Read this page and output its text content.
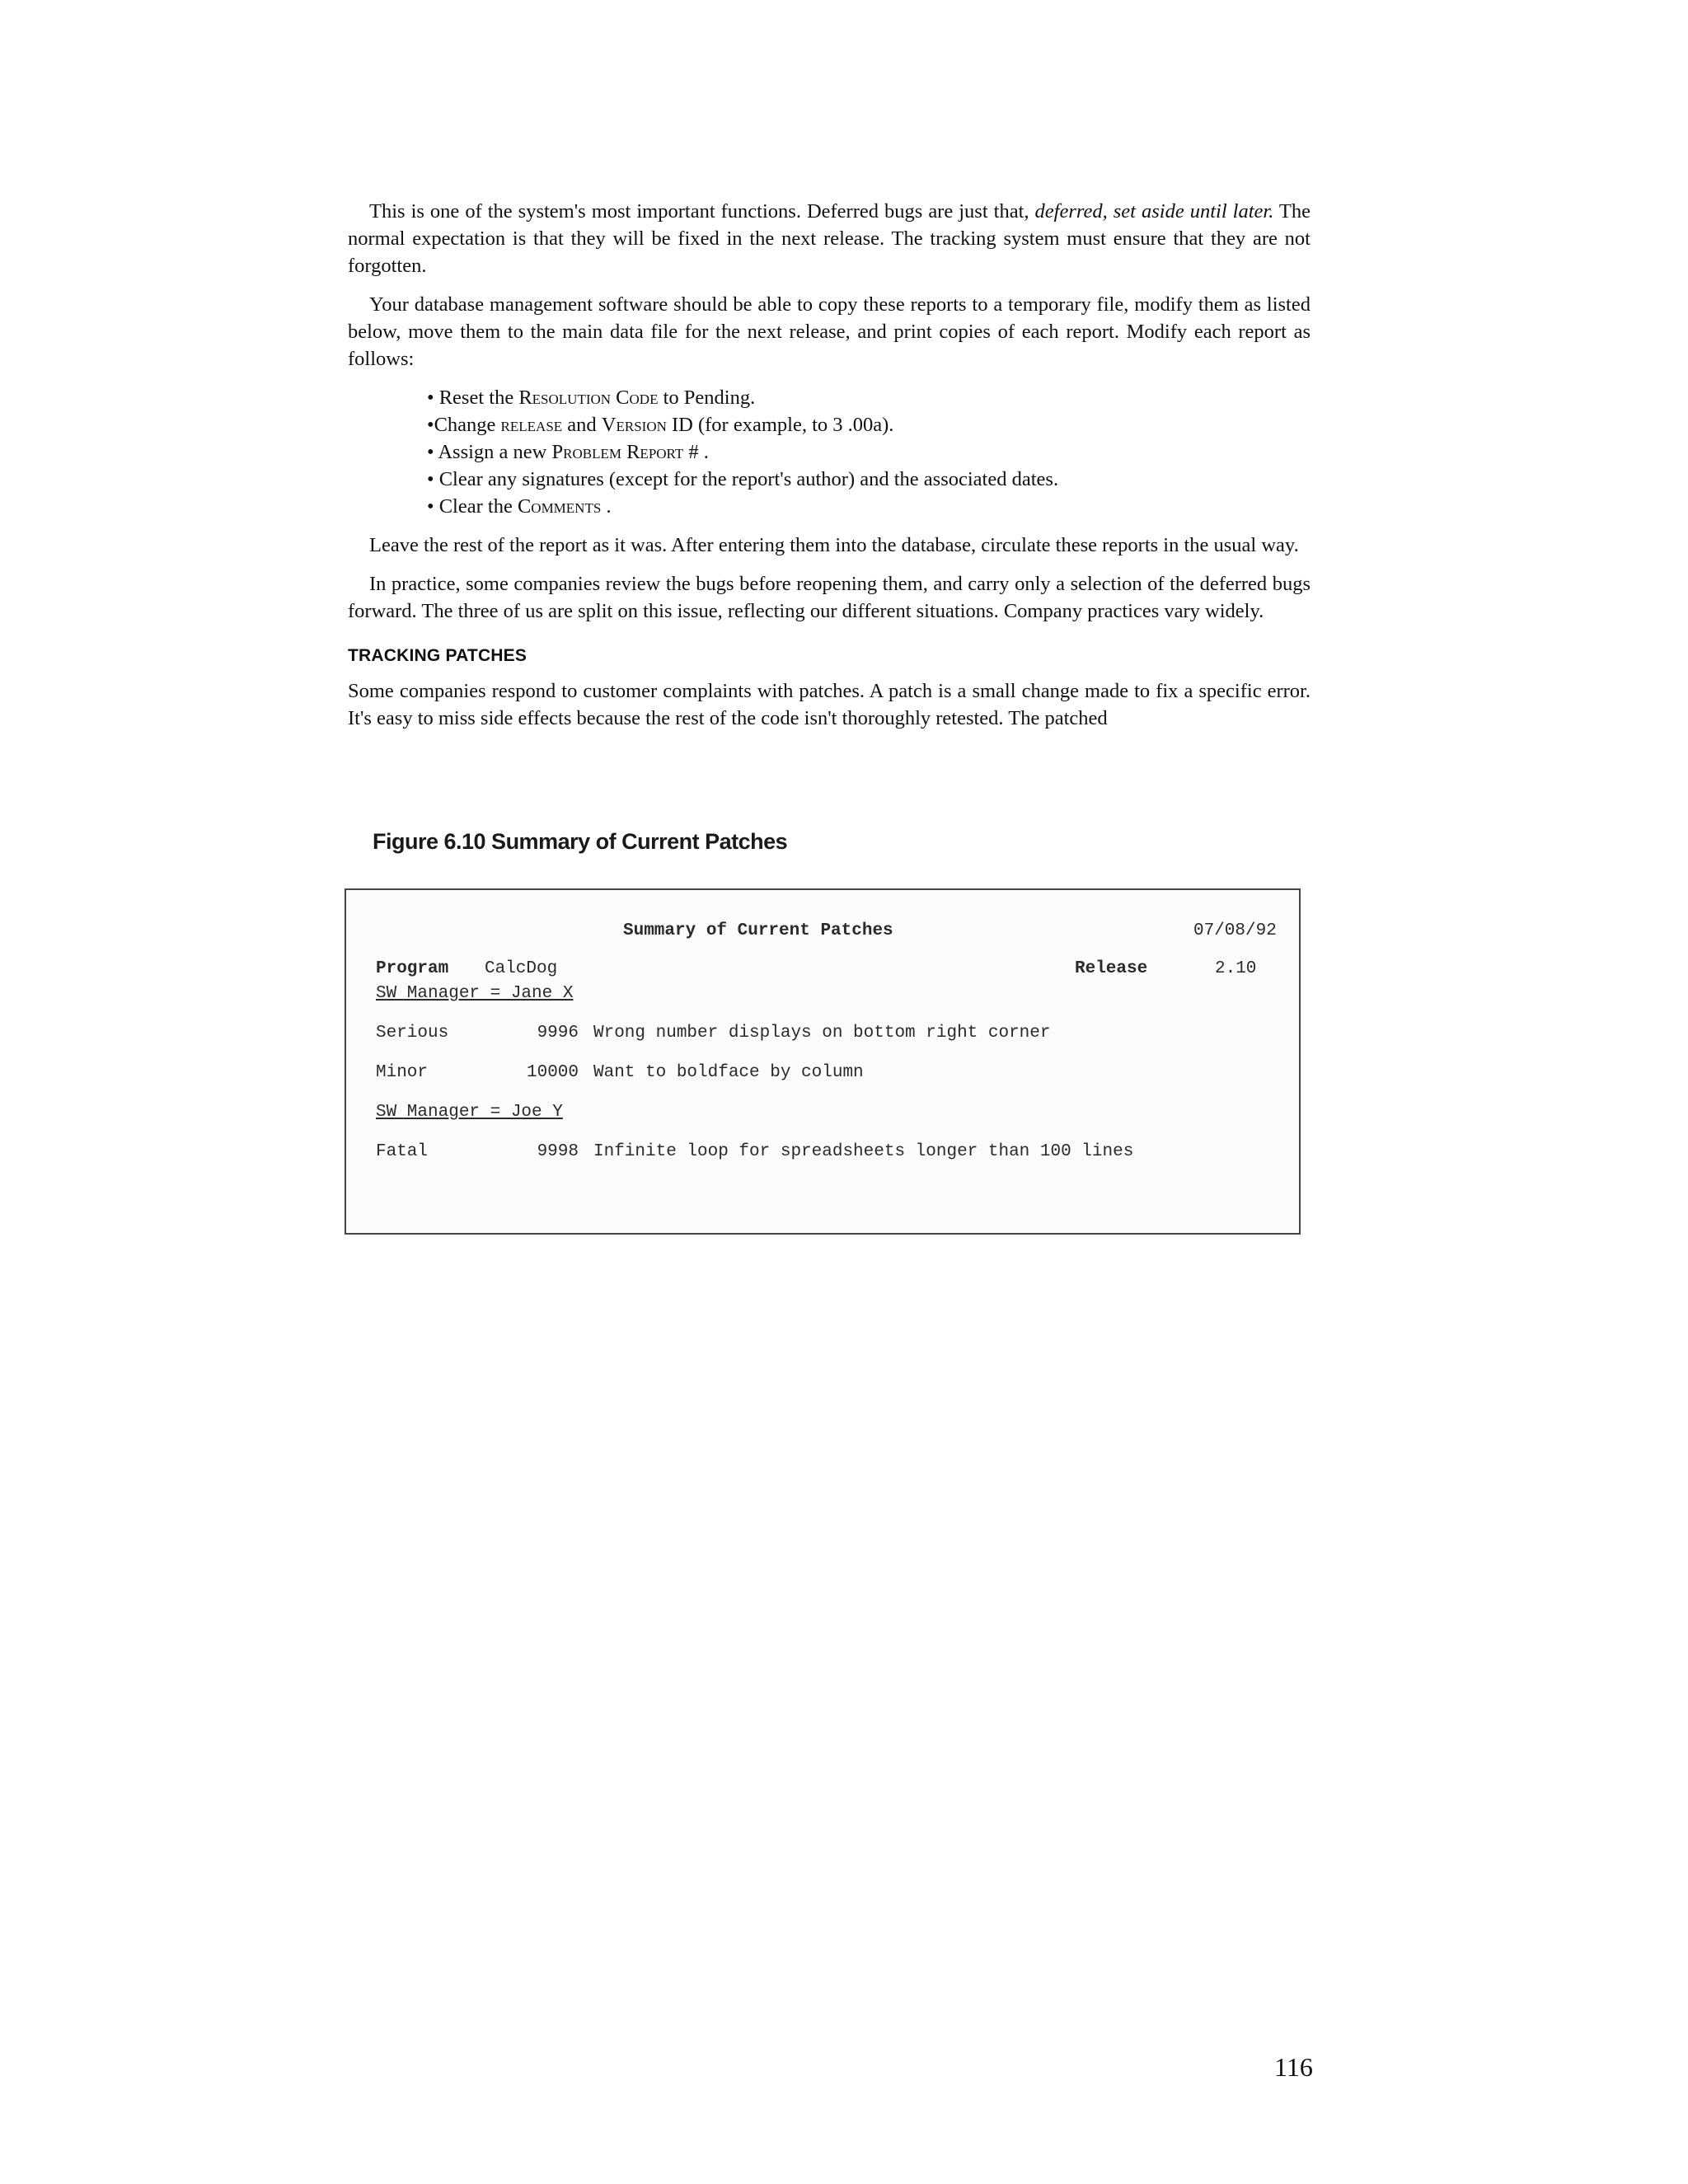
This is one of the system's most important functions. Deferred bugs are just that, deferred, set aside until later. The normal expectation is that they will be fixed in the next release. The tracking system must ensure that they are not forgotten.

Your database management software should be able to copy these reports to a temporary file, modify them as listed below, move them to the main data file for the next release, and print copies of each report. Modify each report as follows:

• Reset the Resolution Code to Pending.
•Change release and Version ID (for example, to 3 .00a).
• Assign a new Problem Report # .
• Clear any signatures (except for the report's author) and the associated dates.
• Clear the Comments .

Leave the rest of the report as it was. After entering them into the database, circulate these reports in the usual way.

In practice, some companies review the bugs before reopening them, and carry only a selection of the deferred bugs forward. The three of us are split on this issue, reflecting our different situations. Company practices vary widely.

TRACKING PATCHES

Some companies respond to customer complaints with patches. A patch is a small change made to fix a specific error. It's easy to miss side effects because the rest of the code isn't thoroughly retested. The patched

Figure 6.10 Summary of Current Patches
Summary of Current Patches	07/08/92
Program CalcDog	Release	2.10
SW Manager = Jane X
Serious	9996 Wrong number displays on bottom right corner
Minor	10000 Want to boldface by column
SW Manager = Joe Y
Fatal	9998 Infinite loop for spreadsheets longer than 100 lines
116
